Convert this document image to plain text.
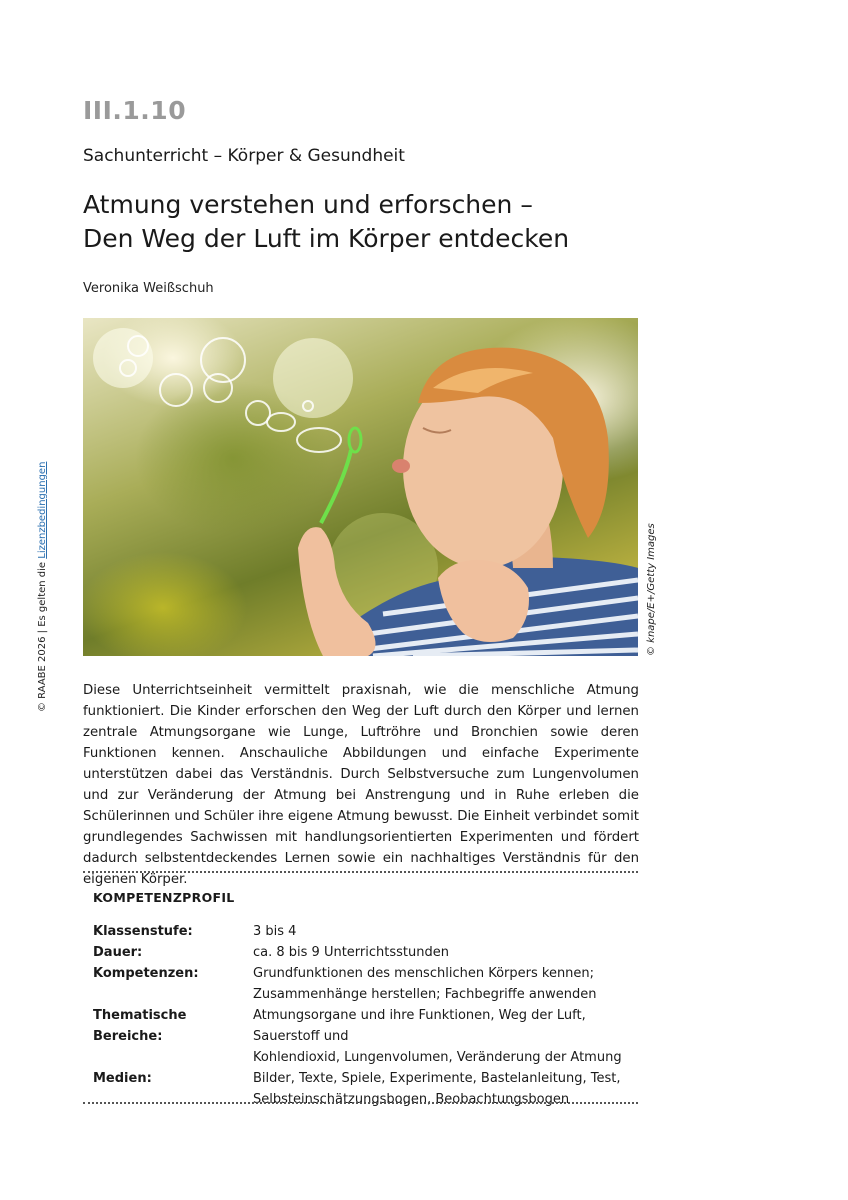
III.1.10
Sachunterricht – Körper & Gesundheit
Atmung verstehen und erforschen –
Den Weg der Luft im Körper entdecken
Veronika Weißschuh
© knape/E+/Getty Images
© RAABE 2026 | Es gelten die Lizenzbedingungen

Diese Unterrichtseinheit vermittelt praxisnah, wie die menschliche Atmung funktioniert. Die Kinder erforschen den Weg der Luft durch den Körper und lernen zentrale Atmungsorgane wie Lunge, Luftröhre und Bronchien sowie deren Funktionen kennen. Anschauliche Abbildungen und einfache Experimente unterstützen dabei das Verständnis. Durch Selbstversuche zum Lungenvolumen und zur Veränderung der Atmung bei Anstrengung und in Ruhe erleben die Schülerinnen und Schüler ihre eigene Atmung bewusst. Die Einheit verbindet somit grundlegendes Sachwissen mit handlungsorientierten Experimenten und fördert dadurch selbstentdeckendes Lernen sowie ein nachhaltiges Verständnis für den eigenen Körper.

KOMPETENZPROFIL
Klassenstufe:	3 bis 4
Dauer:	ca. 8 bis 9 Unterrichtsstunden
Kompetenzen:	Grundfunktionen des menschlichen Körpers kennen;
Zusammenhänge herstellen; Fachbegriffe anwenden
Thematische Bereiche:
Atmungsorgane und ihre Funktionen, Weg der Luft, Sauerstoff und
Kohlendioxid, Lungenvolumen, Veränderung der Atmung
Medien:	Bilder, Texte, Spiele, Experimente, Bastelanleitung, Test,
Selbsteinschätzungsbogen, Beobachtungsbogen
